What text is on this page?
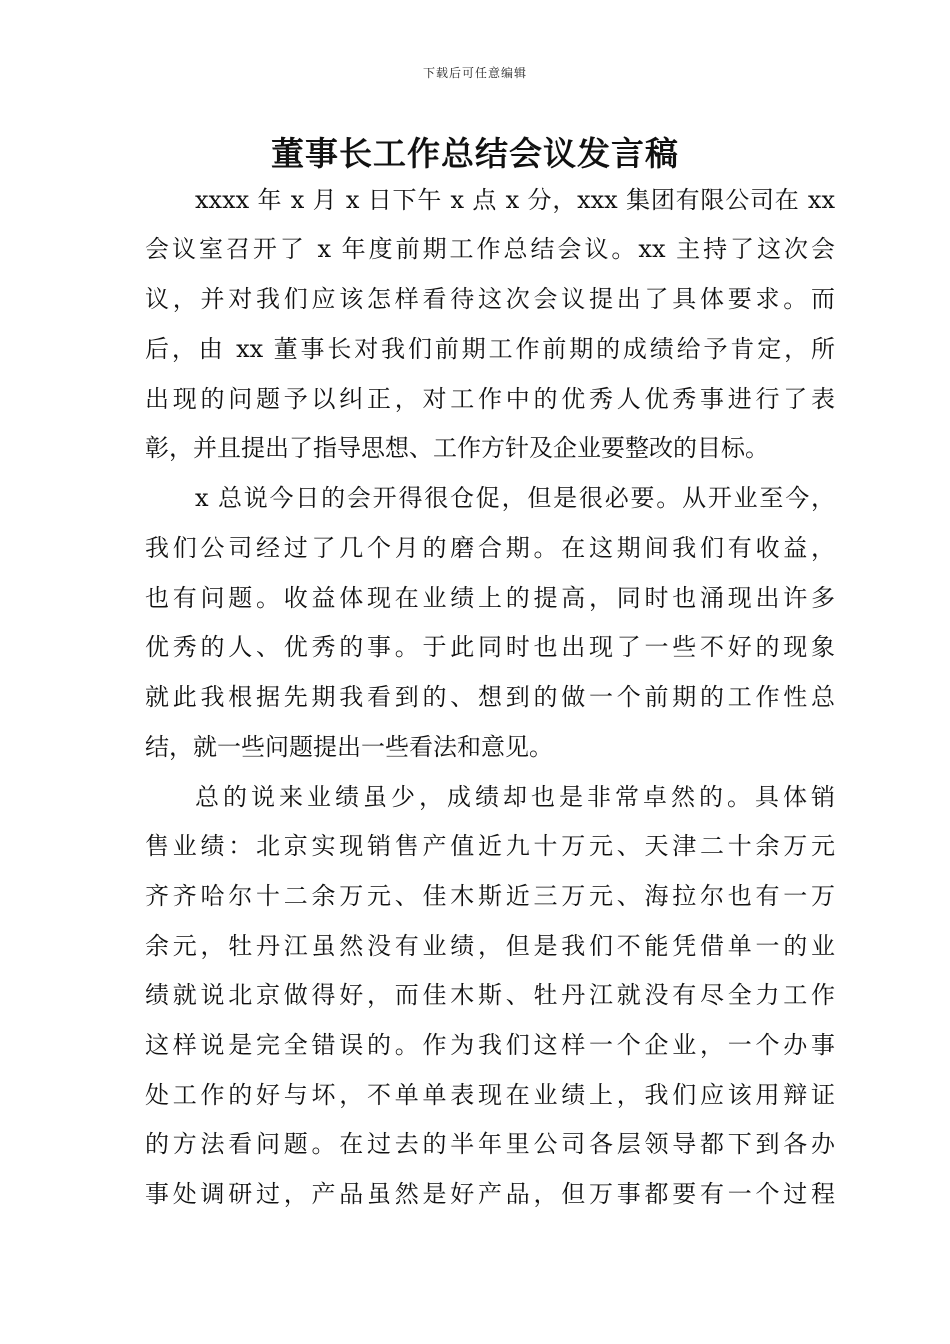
下载后可任意编辑
董事长工作总结会议发言稿
xxxx 年 x 月 x 日下午 x 点 x 分，xxx 集团有限公司在 xx
会议室召开了 x 年度前期工作总结会议。xx 主持了这次会
议，并对我们应该怎样看待这次会议提出了具体要求。而
后，由 xx 董事长对我们前期工作前期的成绩给予肯定，所
出现的问题予以纠正，对工作中的优秀人优秀事进行了表
彰，并且提出了指导思想、工作方针及企业要整改的目标。
x 总说今日的会开得很仓促，但是很必要。从开业至今，
我们公司经过了几个月的磨合期。在这期间我们有收益，
也有问题。收益体现在业绩上的提高，同时也涌现出许多
优秀的人、优秀的事。于此同时也出现了一些不好的现象
就此我根据先期我看到的、想到的做一个前期的工作性总
结，就一些问题提出一些看法和意见。
总的说来业绩虽少，成绩却也是非常卓然的。具体销
售业绩：北京实现销售产值近九十万元、天津二十余万元
齐齐哈尔十二余万元、佳木斯近三万元、海拉尔也有一万
余元，牡丹江虽然没有业绩，但是我们不能凭借单一的业
绩就说北京做得好，而佳木斯、牡丹江就没有尽全力工作
这样说是完全错误的。作为我们这样一个企业，一个办事
处工作的好与坏，不单单表现在业绩上，我们应该用辩证
的方法看问题。在过去的半年里公司各层领导都下到各办
事处调研过，产品虽然是好产品，但万事都要有一个过程
